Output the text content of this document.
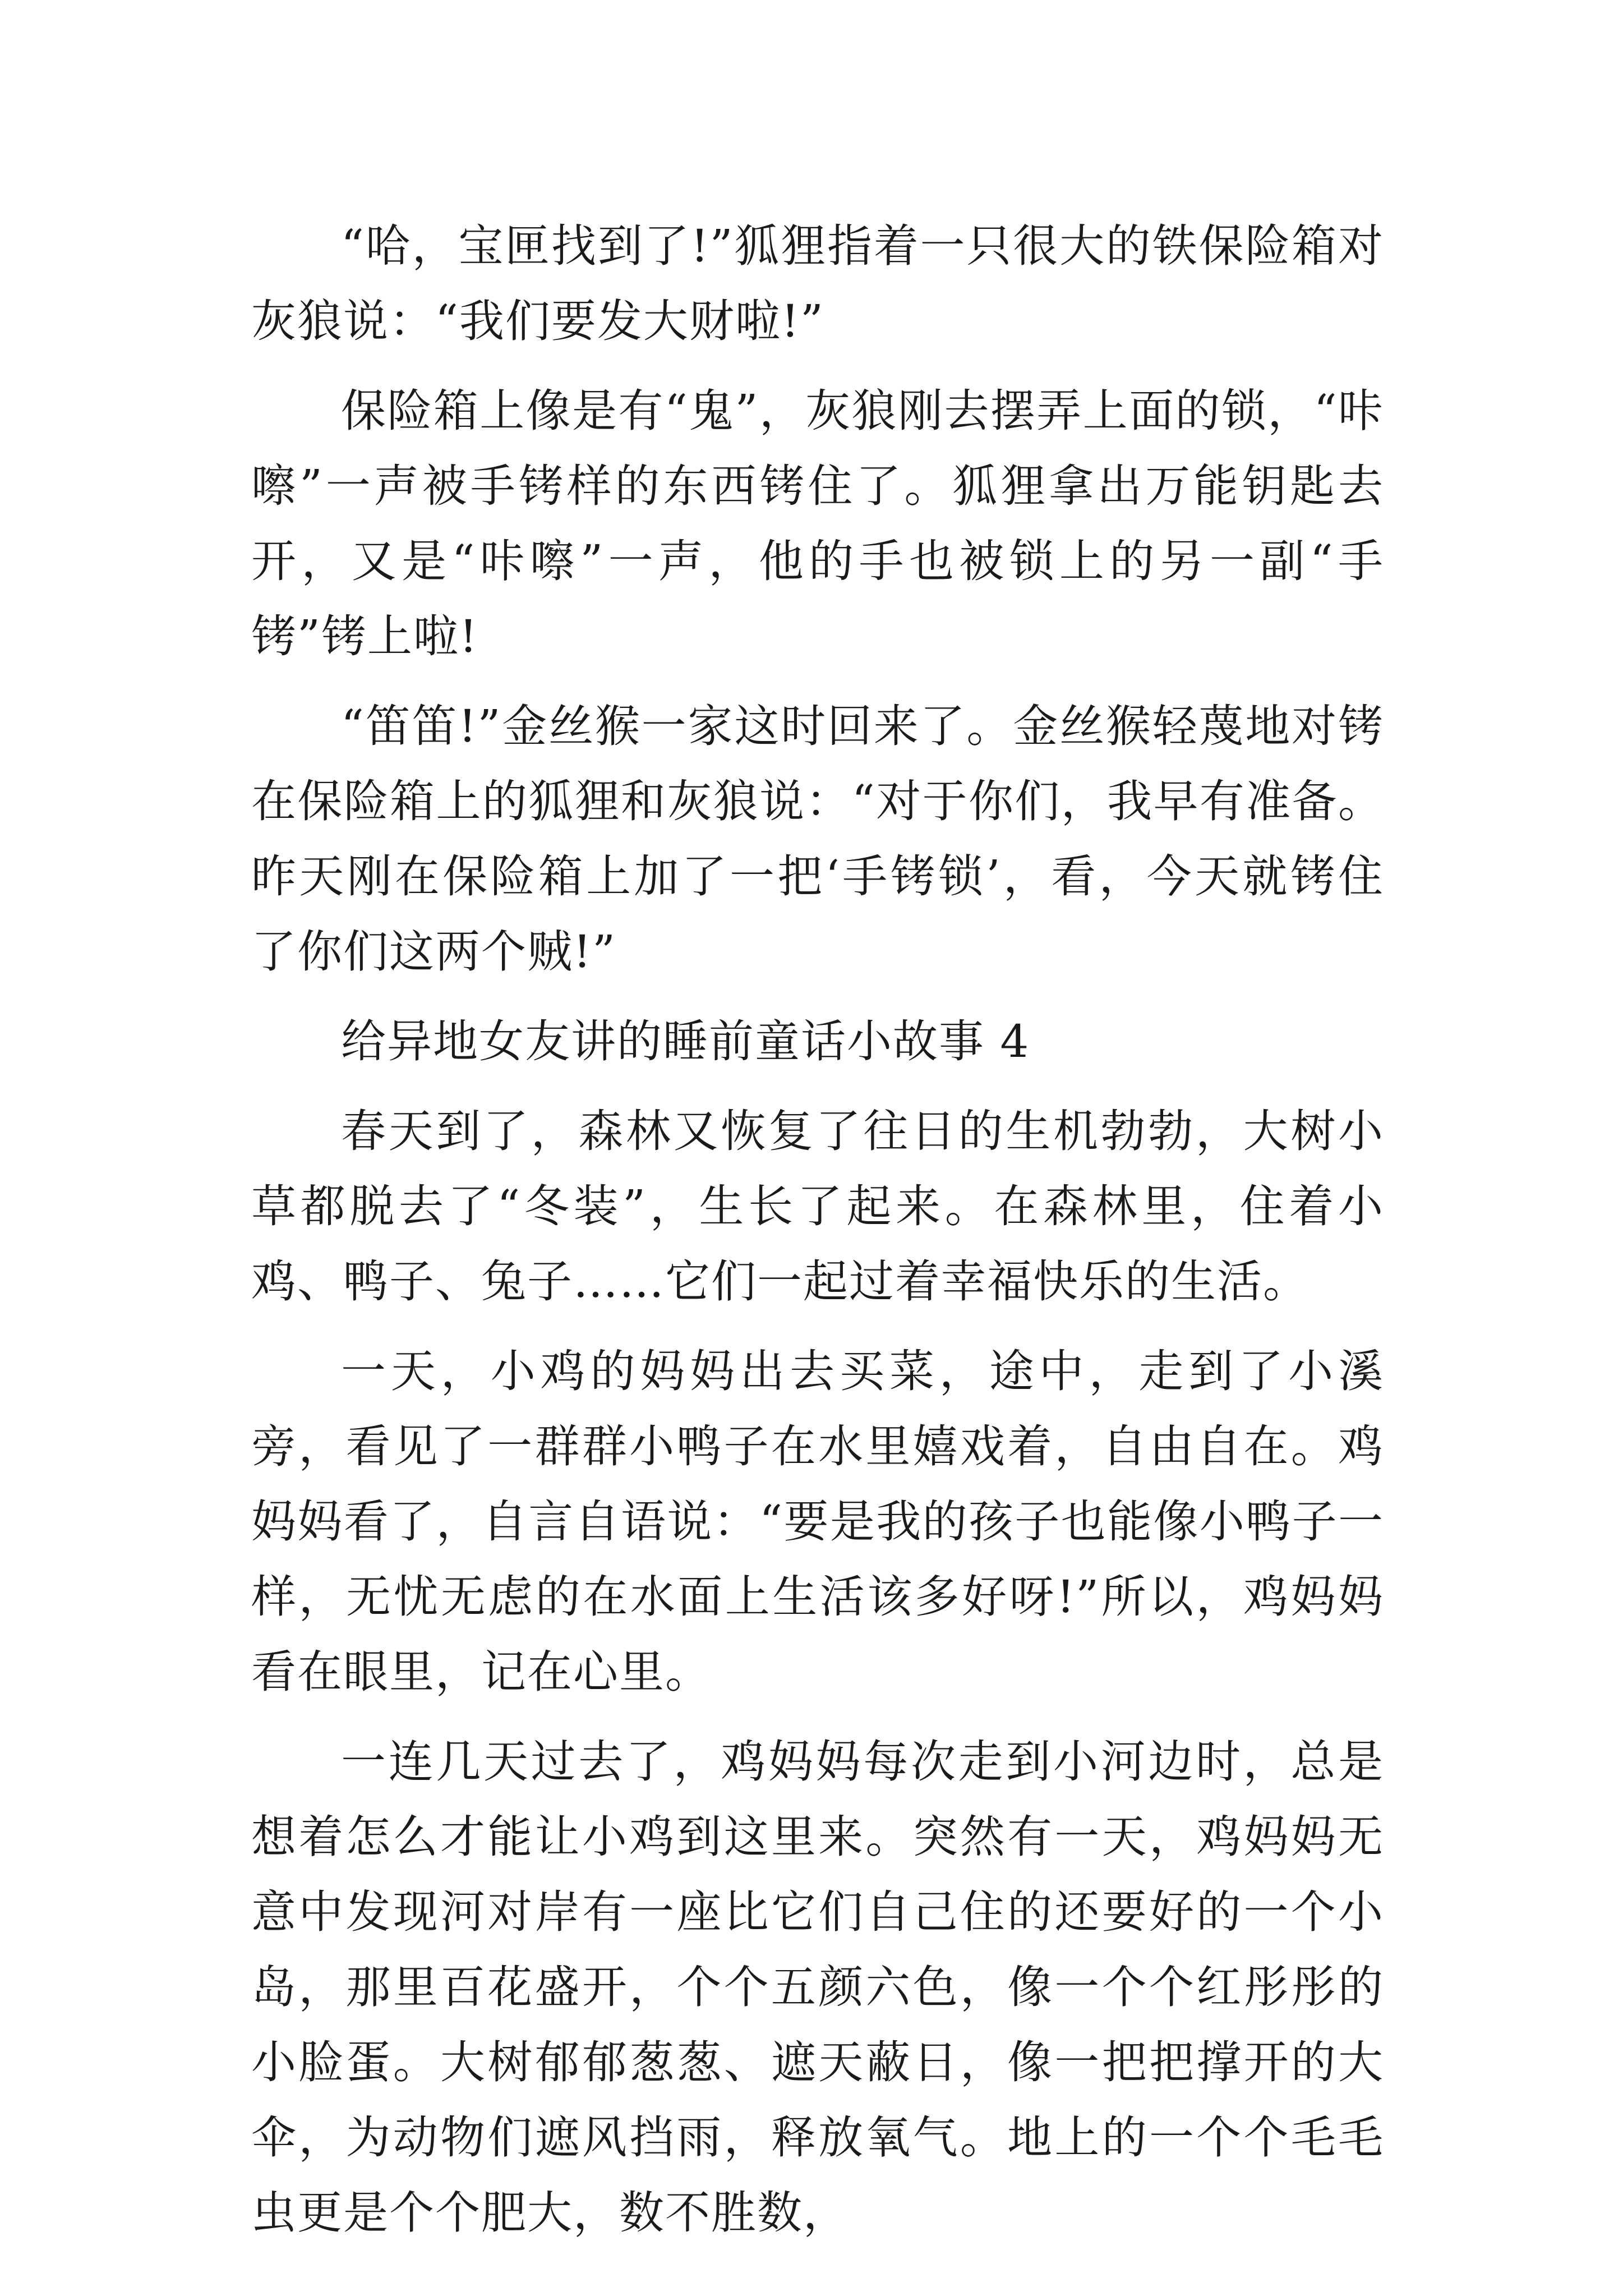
“哈，宝匣找到了!”狐狸指着一只很大的铁保险箱对灰狼说：“我们要发大财啦!”

保险箱上像是有“鬼”，灰狼刚去摆弄上面的锁，“咔嚓”一声被手铐样的东西铐住了。狐狸拿出万能钥匙去开，又是“咔嚓”一声，他的手也被锁上的另一副“手铐”铐上啦!

“笛笛!”金丝猴一家这时回来了。金丝猴轻蔑地对铐在保险箱上的狐狸和灰狼说：“对于你们，我早有准备。昨天刚在保险箱上加了一把‘手铐锁’，看，今天就铐住了你们这两个贼!”

给异地女友讲的睡前童话小故事 4

春天到了，森林又恢复了往日的生机勃勃，大树小草都脱去了“冬装”，生长了起来。在森林里，住着小鸡、鸭子、兔子……它们一起过着幸福快乐的生活。

一天，小鸡的妈妈出去买菜，途中，走到了小溪旁，看见了一群群小鸭子在水里嬉戏着，自由自在。鸡妈妈看了，自言自语说：“要是我的孩子也能像小鸭子一样，无忧无虑的在水面上生活该多好呀!”所以，鸡妈妈看在眼里，记在心里。

一连几天过去了，鸡妈妈每次走到小河边时，总是想着怎么才能让小鸡到这里来。突然有一天，鸡妈妈无意中发现河对岸有一座比它们自己住的还要好的一个小岛，那里百花盛开，个个五颜六色，像一个个红彤彤的小脸蛋。大树郁郁葱葱、遮天蔽日，像一把把撑开的大伞，为动物们遮风挡雨，释放氧气。地上的一个个毛毛虫更是个个肥大，数不胜数，
